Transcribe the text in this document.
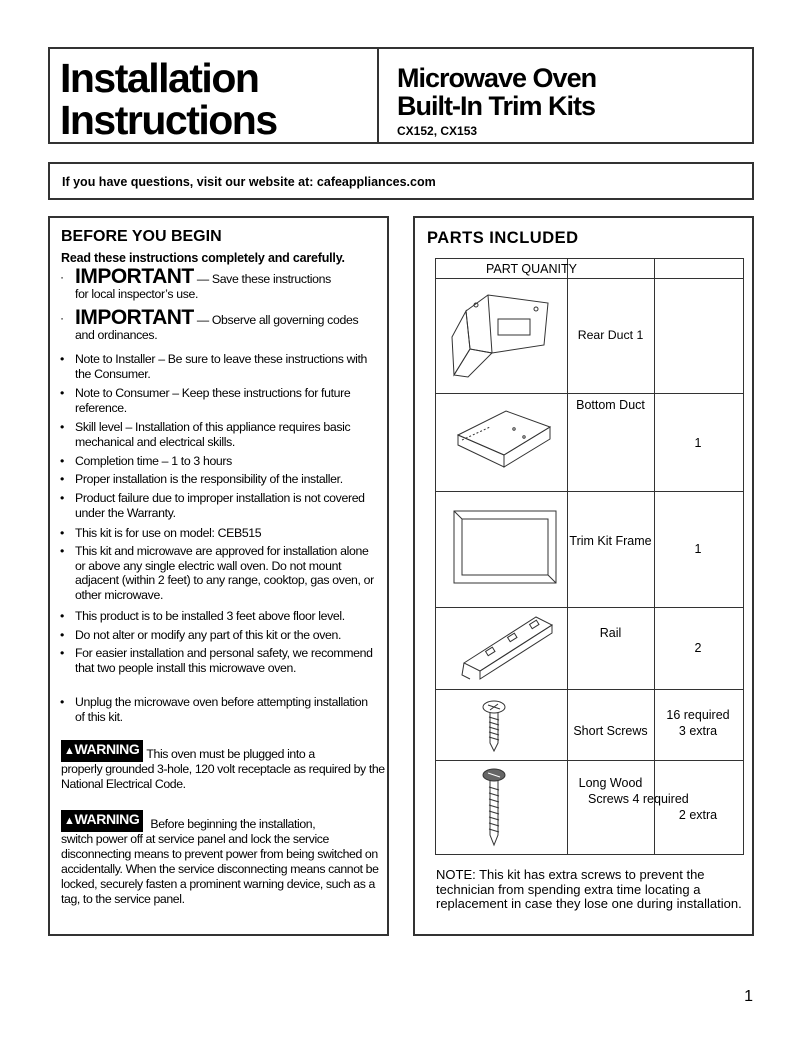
Installation
Instructions
Microwave Oven
Built-In Trim Kits
CX152, CX153
If you have questions, visit our website at: cafeappliances.com
BEFORE YOU BEGIN
Read these instructions completely and carefully.
· IMPORTANT — Save these instructions
for local inspector’s use.
· IMPORTANT — Observe all governing codes
and ordinances.
• Note to Installer – Be sure to leave these instructions with the Consumer.
• Note to Consumer – Keep these instructions for future reference.
• Skill level – Installation of this appliance requires basic mechanical and electrical skills.
• Completion time – 1 to 3 hours
• Proper installation is the responsibility of the installer.
• Product failure due to improper installation is not covered under the Warranty.
• This kit is for use on model: CEB515
• This kit and microwave are approved for installation alone or above any single electric wall oven. Do not mount adjacent (within 2 feet) to any range, cooktop, gas oven, or other microwave.
• This product is to be installed 3 feet above floor level.
• Do not alter or modify any part of this kit or the oven.
• For easier installation and personal safety, we recommend that two people install this microwave oven.
• Unplug the microwave oven before attempting installation of this kit.
▲WARNING This oven must be plugged into a
properly grounded 3-hole, 120 volt receptacle as required by the National Electrical Code.
▲WARNING Before beginning the installation,
switch power off at service panel and lock the service disconnecting means to prevent power from being switched on accidentally. When the service disconnecting means cannot be locked, securely fasten a prominent warning device, such as a tag, to the service panel.
PARTS INCLUDED
PART QUANITY
Rear Duct 1
Bottom Duct
1
Trim Kit Frame
1
Rail
2
Short Screws
16 required
3 extra
Long Wood
Screws 4 required
2 extra
NOTE: This kit has extra screws to prevent the technician from spending extra time locating a replacement in case they lose one during installation.
1
